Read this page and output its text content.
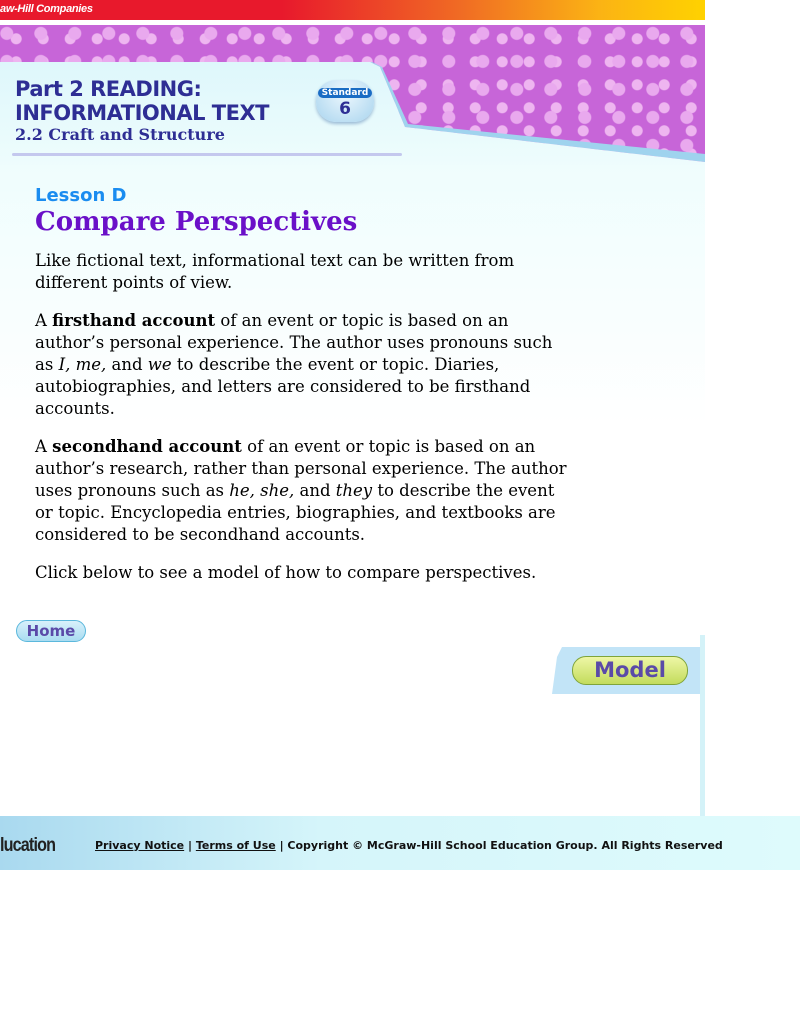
aw-Hill Companies
Part 2 READING:
INFORMATIONAL TEXT
2.2 Craft and Structure
Standard
6
Lesson D
Compare Perspectives

Like fictional text, informational text can be written from different points of view.

A firsthand account of an event or topic is based on an author’s personal experience. The author uses pronouns such as I, me, and we to describe the event or topic. Diaries, autobiographies, and letters are considered to be firsthand accounts.

A secondhand account of an event or topic is based on an author’s research, rather than personal experience. The author uses pronouns such as he, she, and they to describe the event or topic. Encyclopedia entries, biographies, and textbooks are considered to be secondhand accounts.

Click below to see a model of how to compare perspectives.

Home
Model
lucation	Privacy Notice | Terms of Use | Copyright © McGraw-Hill School Education Group. All Rights Reserved
